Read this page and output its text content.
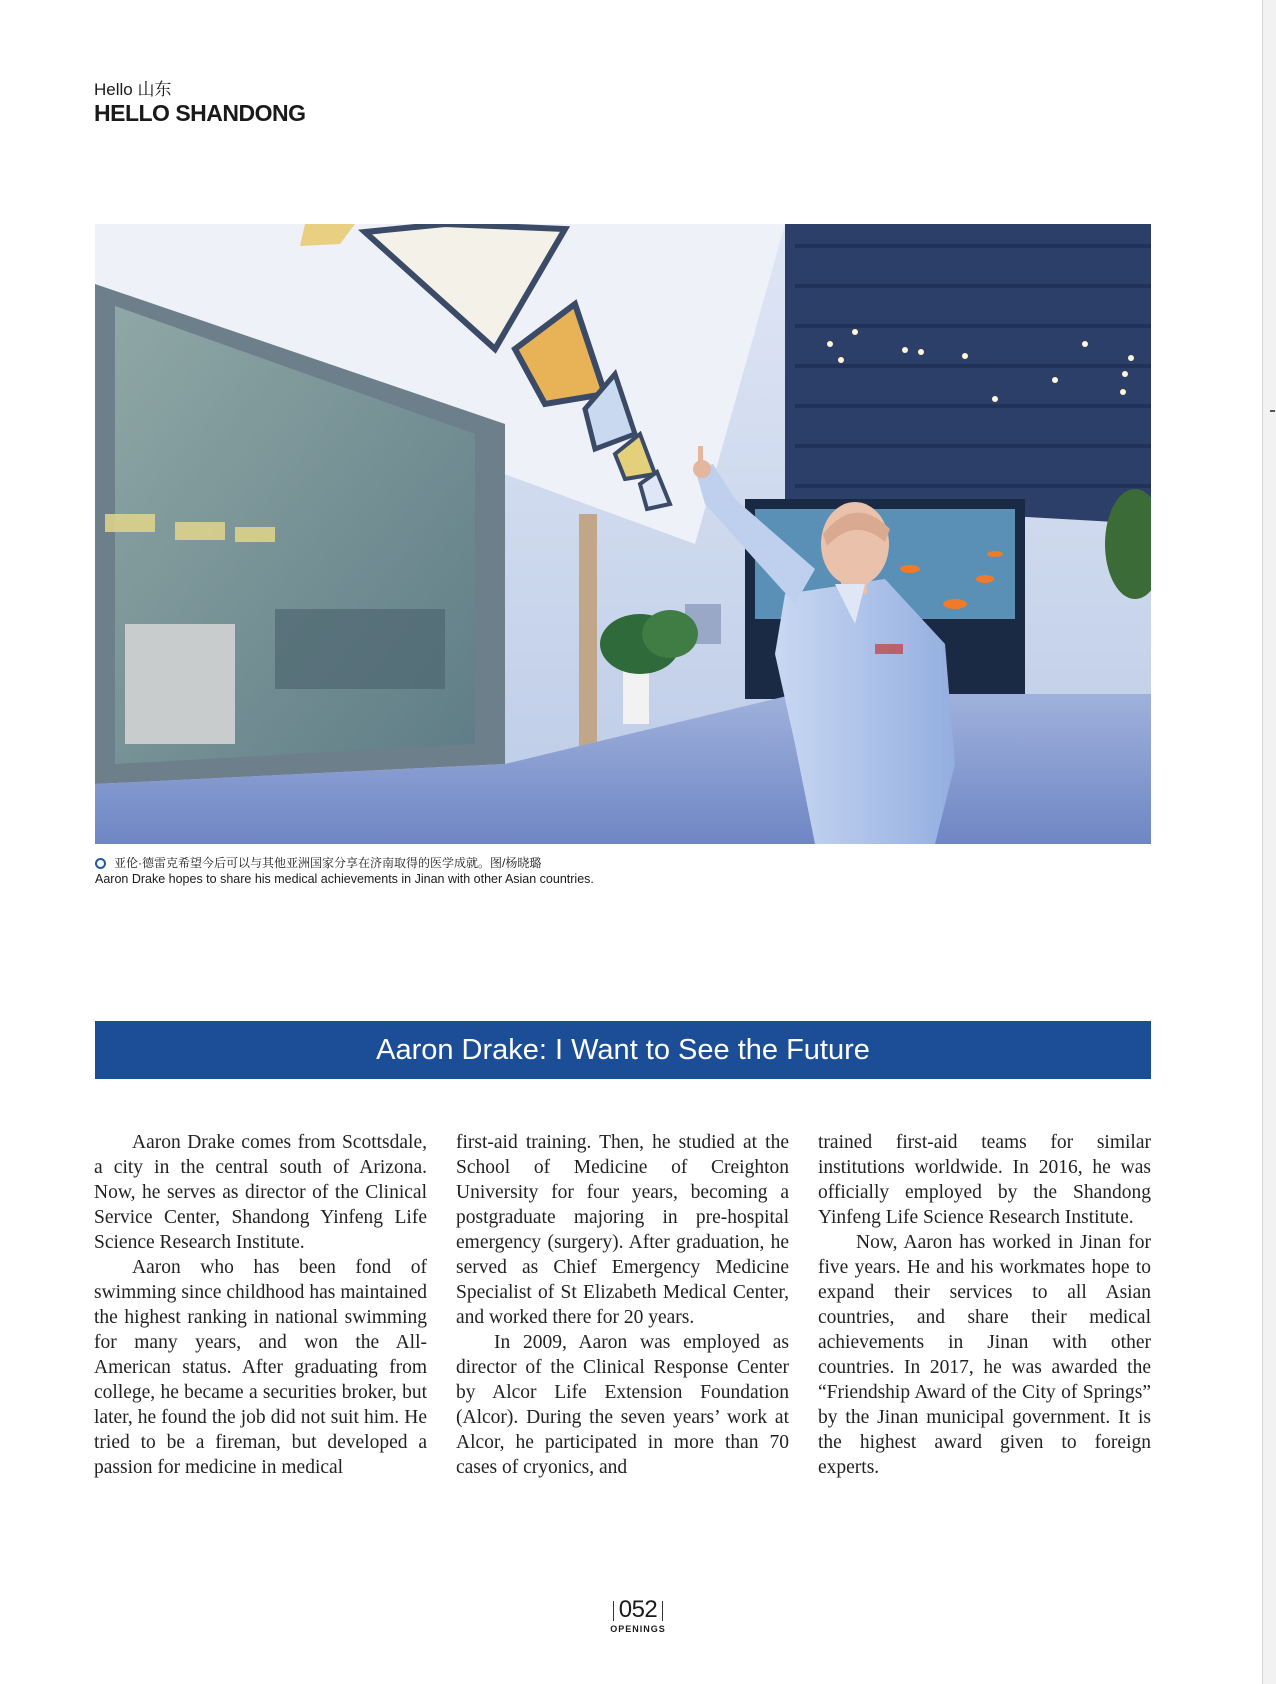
Hello 山东
HELLO SHANDONG
亚伦·德雷克希望今后可以与其他亚洲国家分享在济南取得的医学成就。图/杨晓璐
Aaron Drake hopes to share his medical achievements in Jinan with other Asian countries.
Aaron Drake: I Want to See the Future

Aaron Drake comes from Scottsdale, a city in the central south of Arizona. Now, he serves as director of the Clinical Service Center, Shandong Yinfeng Life Science Research Institute.

Aaron who has been fond of swimming since childhood has maintained the highest ranking in national swimming for many years, and won the All-American status. After graduating from college, he became a securities broker, but later, he found the job did not suit him. He tried to be a fireman, but developed a passion for medicine in medical

first-aid training. Then, he studied at the School of Medicine of Creighton University for four years, becoming a postgraduate majoring in pre-hospital emergency (surgery). After graduation, he served as Chief Emergency Medicine Specialist of St Elizabeth Medical Center, and worked there for 20 years.

In 2009, Aaron was employed as director of the Clinical Response Center by Alcor Life Extension Foundation (Alcor). During the seven years’ work at Alcor, he participated in more than 70 cases of cryonics, and

trained first-aid teams for similar institutions worldwide. In 2016, he was officially employed by the Shandong Yinfeng Life Science Research Institute.

Now, Aaron has worked in Jinan for five years. He and his workmates hope to expand their services to all Asian countries, and share their medical achievements in Jinan with other countries. In 2017, he was awarded the “Friendship Award of the City of Springs” by the Jinan municipal government. It is the highest award given to foreign experts.

052
OPENINGS
